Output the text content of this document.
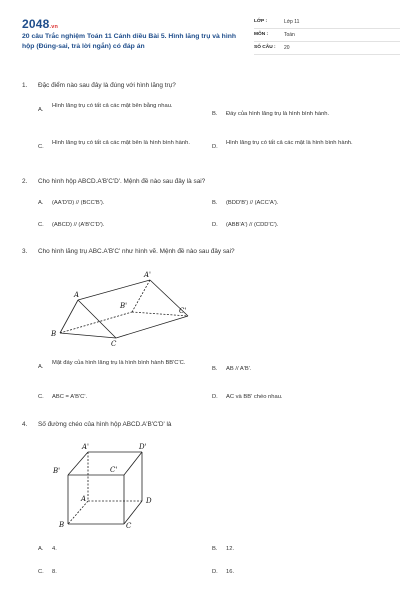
2048.vn
20 câu Trắc nghiệm Toán 11 Cánh diều Bài 5. Hình lăng trụ và hình hộp (Đúng-sai, trả lời ngắn) có đáp án
LỚP :	Lớp 11
MÔN :	Toán
SỐ CÂU : 20
1.	Đặc điểm nào sau đây là đúng với hình lăng trụ?
A.
Hình lăng trụ có tất cả các mặt bên bằng nhau.
B. Đáy của hình lăng trụ là hình bình hành.
C.
Hình lăng trụ có tất cả các mặt bên là hình bình hành.
D.
Hình lăng trụ có tất cả các mặt là hình bình hành.
2.	Cho hình hộp ABCD.A'B'C'D'. Mệnh đề nào sau đây là sai?
A. (AA'D'D) // (BCC'B').	B. (BDD'B') // (ACC'A').
C. (ABCD) // (A'B'C'D').	D. (ABB'A') // (CDD'C').
3.	Cho hình lăng trụ ABC.A'B'C' như hình vẽ. Mệnh đề nào sau đây sai?
A
B
C
A'
B'
C'
A.
Mặt đáy của hình lăng trụ là hình bình hành BB'C'C.
B. AB // A'B'.
C. ABC = A'B'C'.	D. AC và BB' chéo nhau.
4.	Số đường chéo của hình hộp ABCD.A'B'C'D' là
A'	D'
B'	C'
A	D
B	C
A. 4.	B. 12.
C. 8.	D. 16.
